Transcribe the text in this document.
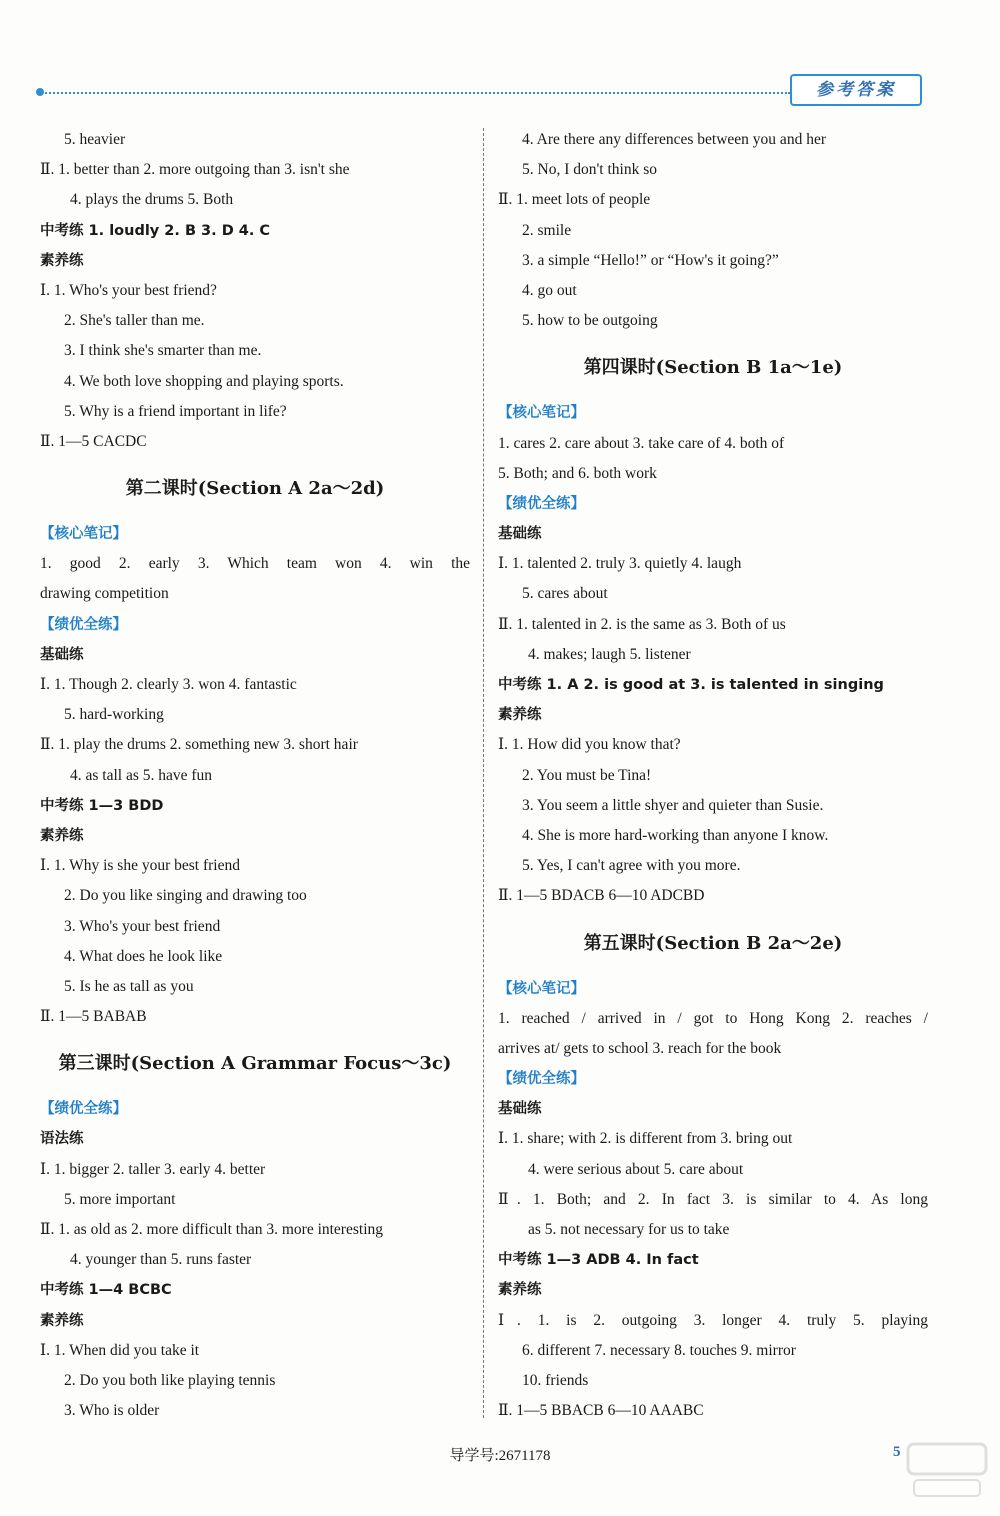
参考答案
5. heavier
Ⅱ. 1. better than 2. more outgoing than 3. isn't she
4. plays the drums 5. Both
中考练 1. loudly 2. B 3. D 4. C
素养练
Ⅰ. 1. Who's your best friend?
2. She's taller than me.
3. I think she's smarter than me.
4. We both love shopping and playing sports.
5. Why is a friend important in life?
Ⅱ. 1—5 CACDC
第二课时(Section A 2a～2d)
【核心笔记】
1. good 2. early 3. Which team won 4. win the
drawing competition
【绩优全练】
基础练
Ⅰ. 1. Though 2. clearly 3. won 4. fantastic
5. hard-working
Ⅱ. 1. play the drums 2. something new 3. short hair
4. as tall as 5. have fun
中考练 1—3 BDD
素养练
Ⅰ. 1. Why is she your best friend
2. Do you like singing and drawing too
3. Who's your best friend
4. What does he look like
5. Is he as tall as you
Ⅱ. 1—5 BABAB
第三课时(Section A Grammar Focus～3c)
【绩优全练】
语法练
Ⅰ. 1. bigger 2. taller 3. early 4. better
5. more important
Ⅱ. 1. as old as 2. more difficult than 3. more interesting
4. younger than 5. runs faster
中考练 1—4 BCBC
素养练
Ⅰ. 1. When did you take it
2. Do you both like playing tennis
3. Who is older
4. Are there any differences between you and her
5. No, I don't think so
Ⅱ. 1. meet lots of people
2. smile
3. a simple “Hello!” or “How's it going?”
4. go out
5. how to be outgoing
第四课时(Section B 1a～1e)
【核心笔记】
1. cares 2. care about 3. take care of 4. both of
5. Both; and 6. both work
【绩优全练】
基础练
Ⅰ. 1. talented 2. truly 3. quietly 4. laugh
5. cares about
Ⅱ. 1. talented in 2. is the same as 3. Both of us
4. makes; laugh 5. listener
中考练 1. A 2. is good at 3. is talented in singing
素养练
Ⅰ. 1. How did you know that?
2. You must be Tina!
3. You seem a little shyer and quieter than Susie.
4. She is more hard-working than anyone I know.
5. Yes, I can't agree with you more.
Ⅱ. 1—5 BDACB 6—10 ADCBD
第五课时(Section B 2a～2e)
【核心笔记】
1. reached / arrived in / got to Hong Kong 2. reaches /
arrives at/ gets to school 3. reach for the book
【绩优全练】
基础练
Ⅰ. 1. share; with 2. is different from 3. bring out
4. were serious about 5. care about
Ⅱ. 1. Both; and 2. In fact 3. is similar to 4. As long
as 5. not necessary for us to take
中考练 1—3 ADB 4. In fact
素养练
Ⅰ. 1. is 2. outgoing 3. longer 4. truly 5. playing
6. different 7. necessary 8. touches 9. mirror
10. friends
Ⅱ. 1—5 BBACB 6—10 AAABC
导学号:2671178	5
